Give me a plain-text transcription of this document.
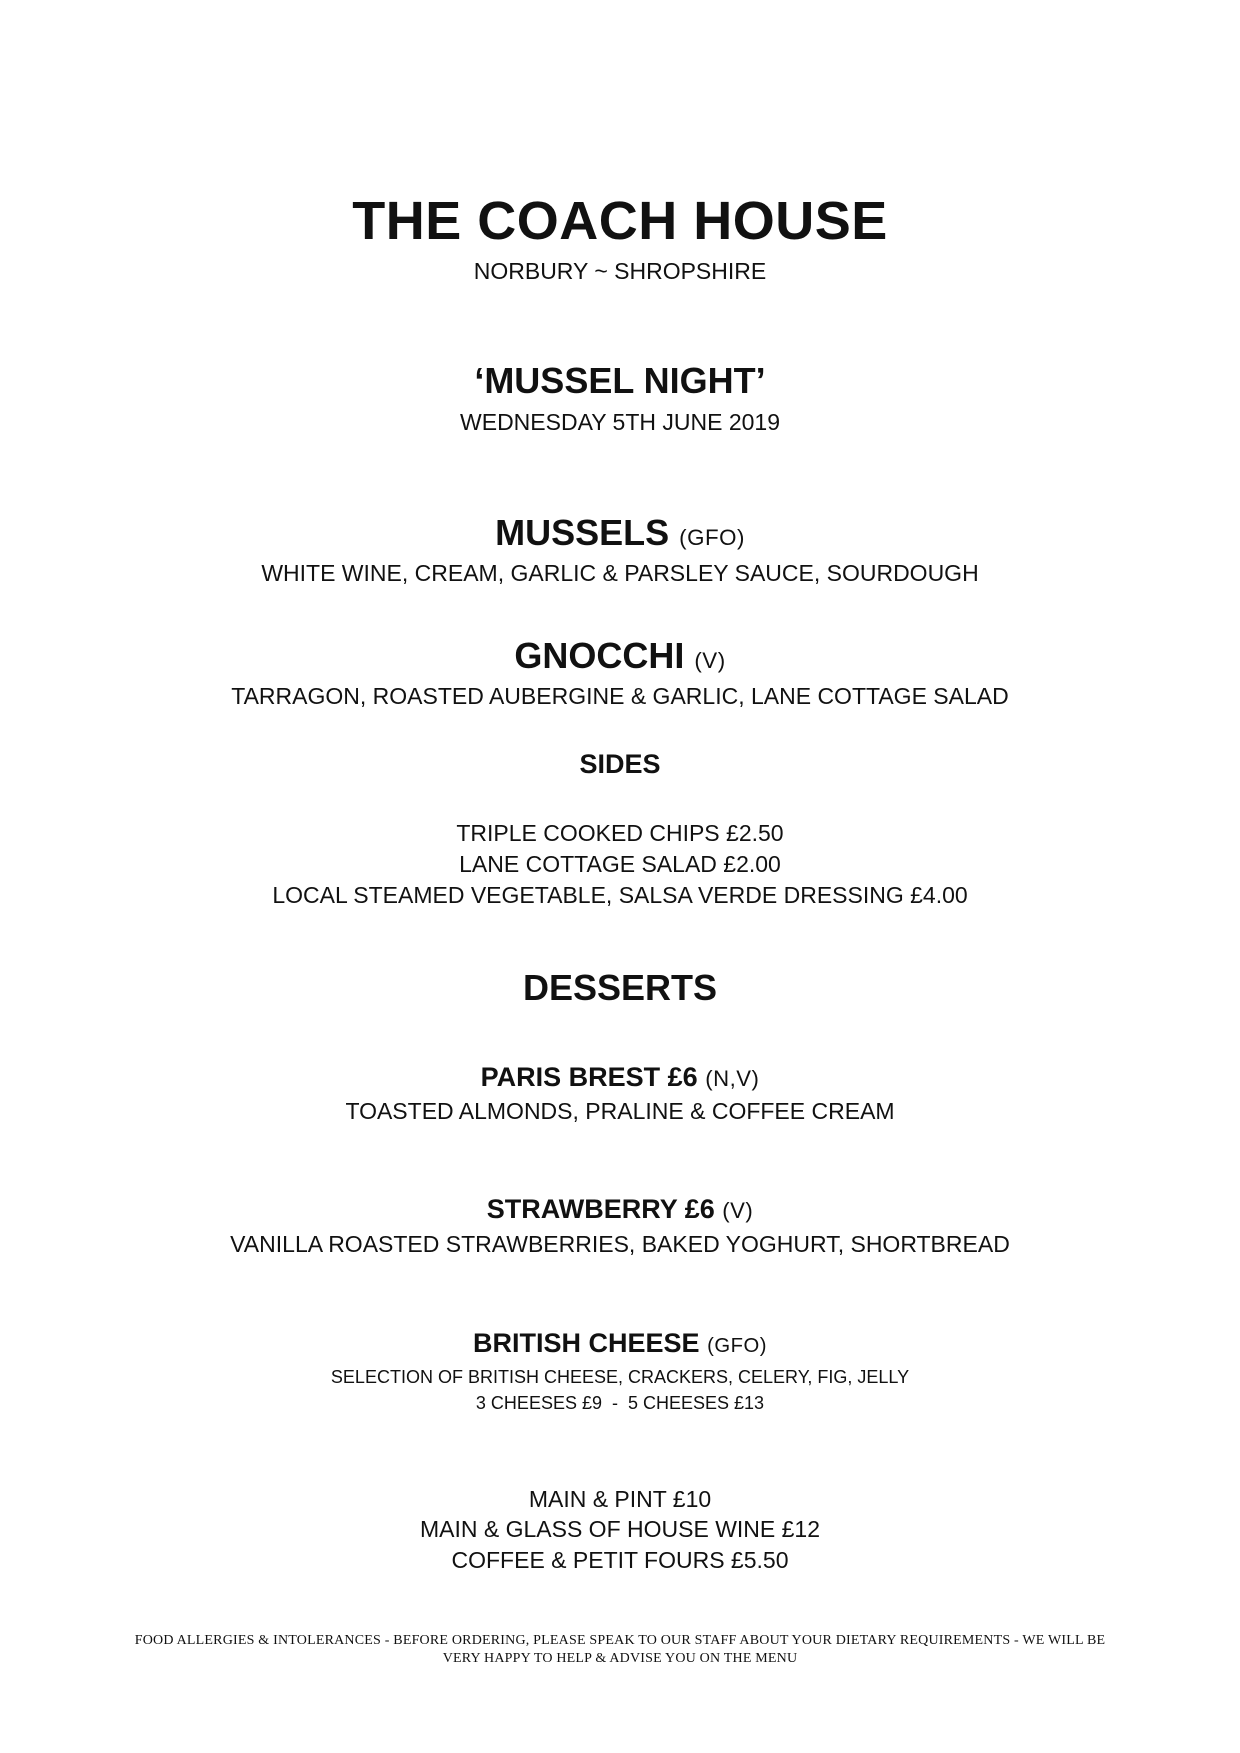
THE COACH HOUSE
NORBURY ~ SHROPSHIRE
‘MUSSEL NIGHT’
WEDNESDAY 5TH JUNE 2019
MUSSELS (GFO)
WHITE WINE, CREAM, GARLIC & PARSLEY SAUCE, SOURDOUGH
GNOCCHI (V)
TARRAGON, ROASTED AUBERGINE & GARLIC, LANE COTTAGE SALAD
SIDES
TRIPLE COOKED CHIPS £2.50
LANE COTTAGE SALAD £2.00
LOCAL STEAMED VEGETABLE, SALSA VERDE DRESSING £4.00
DESSERTS
PARIS BREST £6 (N,V)
TOASTED ALMONDS, PRALINE & COFFEE CREAM
STRAWBERRY £6 (V)
VANILLA ROASTED STRAWBERRIES, BAKED YOGHURT, SHORTBREAD
BRITISH CHEESE (GFO)
SELECTION OF BRITISH CHEESE, CRACKERS, CELERY, FIG, JELLY
3 CHEESES £9  -  5 CHEESES £13
MAIN & PINT £10
MAIN & GLASS OF HOUSE WINE £12
COFFEE & PETIT FOURS £5.50
FOOD ALLERGIES & INTOLERANCES - BEFORE ORDERING, PLEASE SPEAK TO OUR STAFF ABOUT YOUR DIETARY REQUIREMENTS - WE WILL BE
VERY HAPPY TO HELP & ADVISE YOU ON THE MENU
